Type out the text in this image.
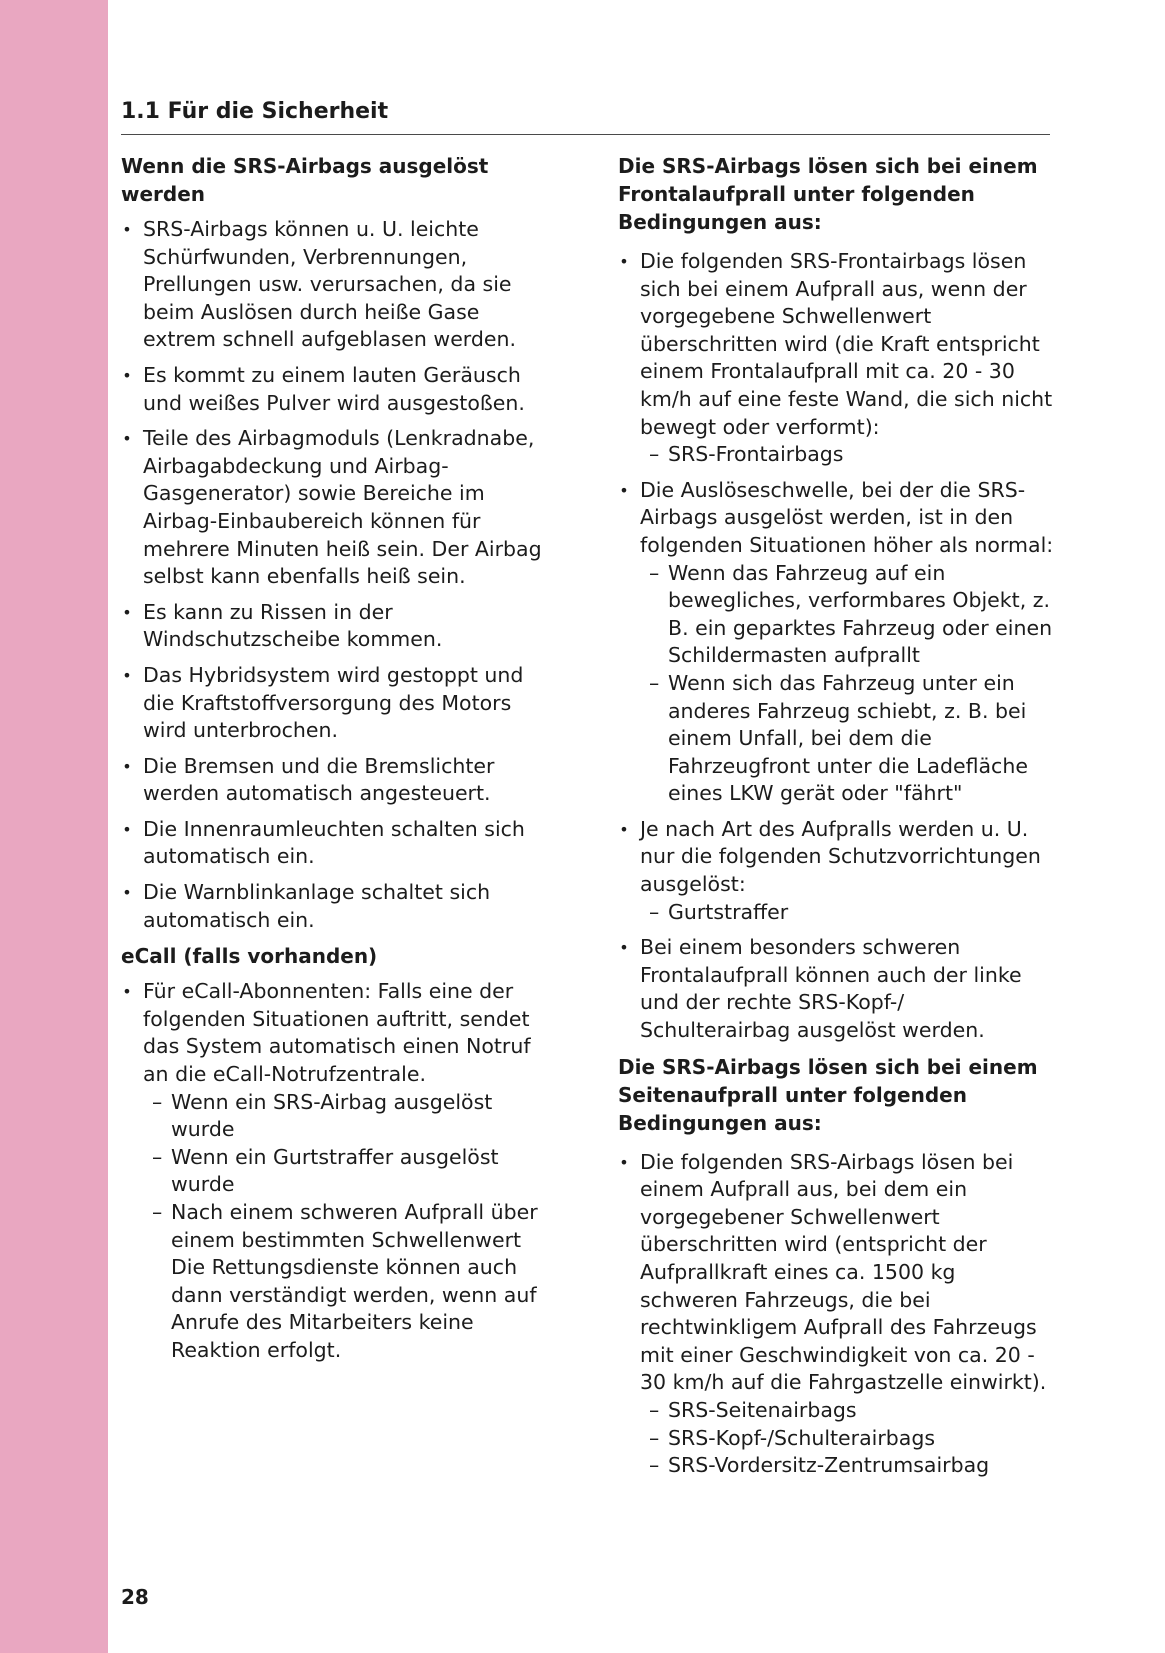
1.1 Für die Sicherheit
Wenn die SRS-Airbags ausgelöst werden
• SRS-Airbags können u. U. leichte Schürfwunden, Verbrennungen, Prellungen usw. verursachen, da sie beim Auslösen durch heiße Gase extrem schnell aufgeblasen werden.
• Es kommt zu einem lauten Geräusch und weißes Pulver wird ausgestoßen.
• Teile des Airbagmoduls (Lenkradnabe, Airbagabdeckung und Airbag-Gasgenerator) sowie Bereiche im Airbag-Einbaubereich können für mehrere Minuten heiß sein. Der Airbag selbst kann ebenfalls heiß sein.
• Es kann zu Rissen in der Windschutzscheibe kommen.
• Das Hybridsystem wird gestoppt und die Kraftstoffversorgung des Motors wird unterbrochen.
• Die Bremsen und die Bremslichter werden automatisch angesteuert.
• Die Innenraumleuchten schalten sich automatisch ein.
• Die Warnblinkanlage schaltet sich automatisch ein.
eCall (falls vorhanden)
• Für eCall-Abonnenten: Falls eine der folgenden Situationen auftritt, sendet das System automatisch einen Notruf an die eCall-Notrufzentrale.
– Wenn ein SRS-Airbag ausgelöst wurde
– Wenn ein Gurtstraffer ausgelöst wurde
– Nach einem schweren Aufprall über einem bestimmten Schwellenwert Die Rettungsdienste können auch dann verständigt werden, wenn auf Anrufe des Mitarbeiters keine Reaktion erfolgt.
Die SRS-Airbags lösen sich bei einem Frontalaufprall unter folgenden Bedingungen aus:
• Die folgenden SRS-Frontairbags lösen sich bei einem Aufprall aus, wenn der vorgegebene Schwellenwert überschritten wird (die Kraft entspricht einem Frontalaufprall mit ca. 20 - 30 km/h auf eine feste Wand, die sich nicht bewegt oder verformt):
– SRS-Frontairbags
• Die Auslöseschwelle, bei der die SRS-Airbags ausgelöst werden, ist in den folgenden Situationen höher als normal:
– Wenn das Fahrzeug auf ein bewegliches, verformbares Objekt, z. B. ein geparktes Fahrzeug oder einen Schildermasten aufprallt
– Wenn sich das Fahrzeug unter ein anderes Fahrzeug schiebt, z. B. bei einem Unfall, bei dem die Fahrzeugfront unter die Ladefläche eines LKW gerät oder "fährt"
• Je nach Art des Aufpralls werden u. U. nur die folgenden Schutzvorrichtungen ausgelöst:
– Gurtstraffer
• Bei einem besonders schweren Frontalaufprall können auch der linke und der rechte SRS-Kopf-/ Schulterairbag ausgelöst werden.
Die SRS-Airbags lösen sich bei einem Seitenaufprall unter folgenden Bedingungen aus:
• Die folgenden SRS-Airbags lösen bei einem Aufprall aus, bei dem ein vorgegebener Schwellenwert überschritten wird (entspricht der Aufprallkraft eines ca. 1500 kg schweren Fahrzeugs, die bei rechtwinkligem Aufprall des Fahrzeugs mit einer Geschwindigkeit von ca. 20 - 30 km/h auf die Fahrgastzelle einwirkt).
– SRS-Seitenairbags
– SRS-Kopf-/Schulterairbags
– SRS-Vordersitz-Zentrumsairbag
28
